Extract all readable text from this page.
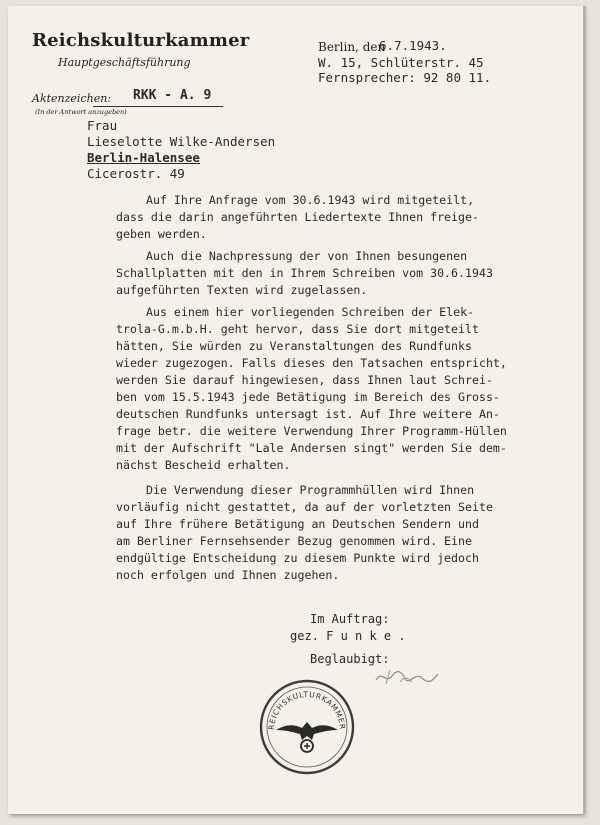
Reichskulturkammer
Hauptgeschäftsführung
Berlin, den
6.7.1943.
W. 15, Schlüterstr. 45
Fernsprecher: 92 80 11.
Aktenzeichen: RKK - A. 9
(In der Antwort anzugeben)
Frau
Lieselotte Wilke-Andersen
Berlin-Halensee
Cicerostr. 49
Auf Ihre Anfrage vom 30.6.1943 wird mitgeteilt,
dass die darin angeführten Liedertexte Ihnen freige-
geben werden.
Auch die Nachpressung der von Ihnen besungenen
Schallplatten mit den in Ihrem Schreiben vom 30.6.1943
aufgeführten Texten wird zugelassen.
Aus einem hier vorliegenden Schreiben der Elek-
trola-G.m.b.H. geht hervor, dass Sie dort mitgeteilt
hätten, Sie würden zu Veranstaltungen des Rundfunks
wieder zugezogen. Falls dieses den Tatsachen entspricht,
werden Sie darauf hingewiesen, dass Ihnen laut Schrei-
ben vom 15.5.1943 jede Betätigung im Bereich des Gross-
deutschen Rundfunks untersagt ist. Auf Ihre weitere An-
frage betr. die weitere Verwendung Ihrer Programm-Hüllen
mit der Aufschrift "Lale Andersen singt" werden Sie dem-
nächst Bescheid erhalten.
Die Verwendung dieser Programmhüllen wird Ihnen
vorläufig nicht gestattet, da auf der vorletzten Seite
auf Ihre frühere Betätigung an Deutschen Sendern und
am Berliner Fernsehsender Bezug genommen wird. Eine
endgültige Entscheidung zu diesem Punkte wird jedoch
noch erfolgen und Ihnen zugehen.
Im Auftrag:
gez. F u n k e .
Beglaubigt:
REICHSKULTURKAMMER
